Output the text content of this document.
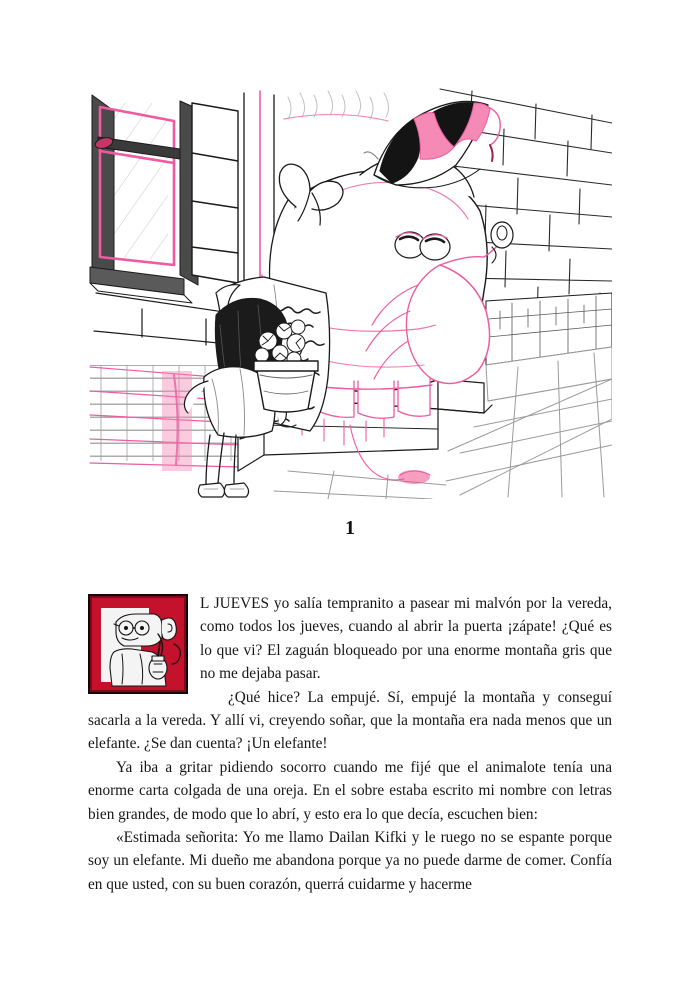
1

L JUEVES yo salía tempranito a pasear mi malvón por la vereda, como todos los jueves, cuando al abrir la puerta ¡zápate! ¿Qué es lo que vi? El zaguán bloqueado por una enorme montaña gris que no me dejaba pasar.

¿Qué hice? La empujé. Sí, empujé la montaña y conseguí sacarla a la vereda. Y allí vi, creyendo soñar, que la montaña era nada menos que un elefante. ¿Se dan cuenta? ¡Un elefante!

Ya iba a gritar pidiendo socorro cuando me fijé que el animalote tenía una enorme carta colgada de una oreja. En el sobre estaba escrito mi nombre con letras bien grandes, de modo que lo abrí, y esto era lo que decía, escuchen bien:

«Estimada señorita: Yo me llamo Dailan Kifki y le ruego no se espante porque soy un elefante. Mi dueño me abandona porque ya no puede darme de comer. Confía en que usted, con su buen corazón, querrá cuidarme y hacerme
